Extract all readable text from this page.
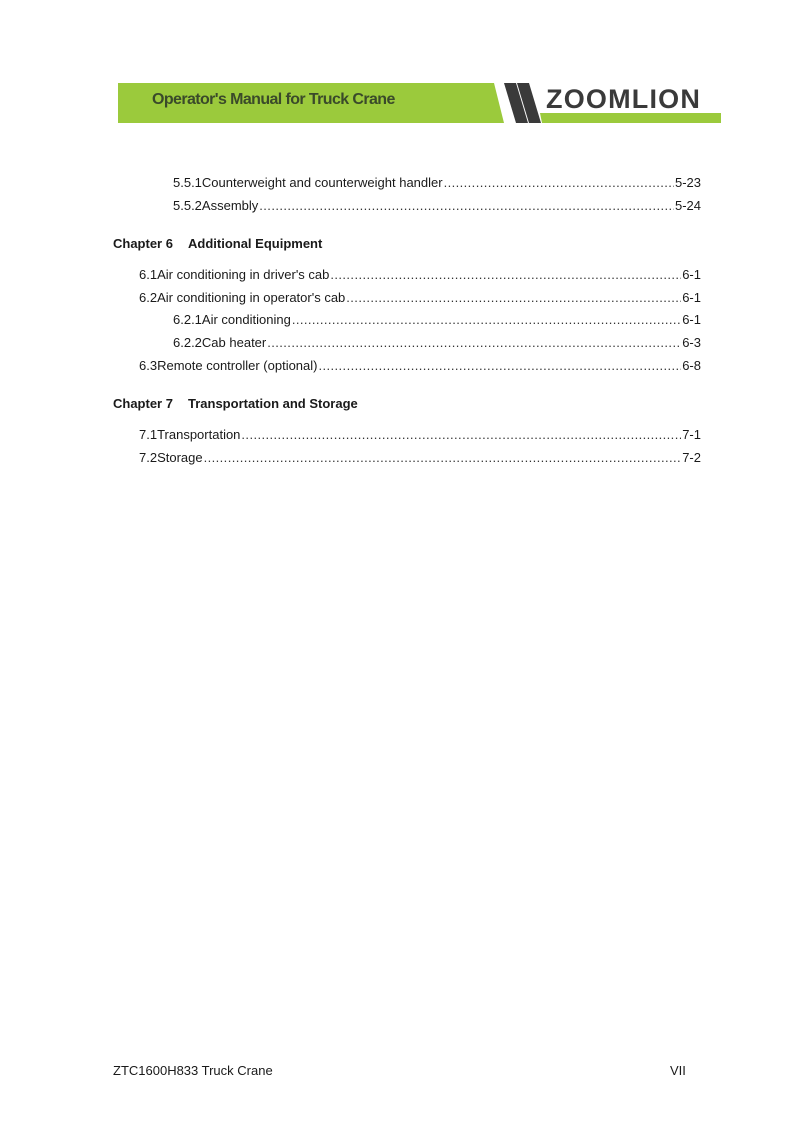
Operator's Manual for Truck Crane	ZOOMLION
5.5.1 Counterweight and counterweight handler .....	5-23
5.5.2 Assembly .....	5-24
Chapter 6 Additional Equipment
6.1 Air conditioning in driver's cab .....	6-1
6.2 Air conditioning in operator's cab .....	6-1
6.2.1 Air conditioning .....	6-1
6.2.2 Cab heater .....	6-3
6.3 Remote controller (optional) .....	6-8
Chapter 7 Transportation and Storage
7.1 Transportation .....	7-1
7.2 Storage .....	7-2
ZTC1600H833 Truck Crane	VII
